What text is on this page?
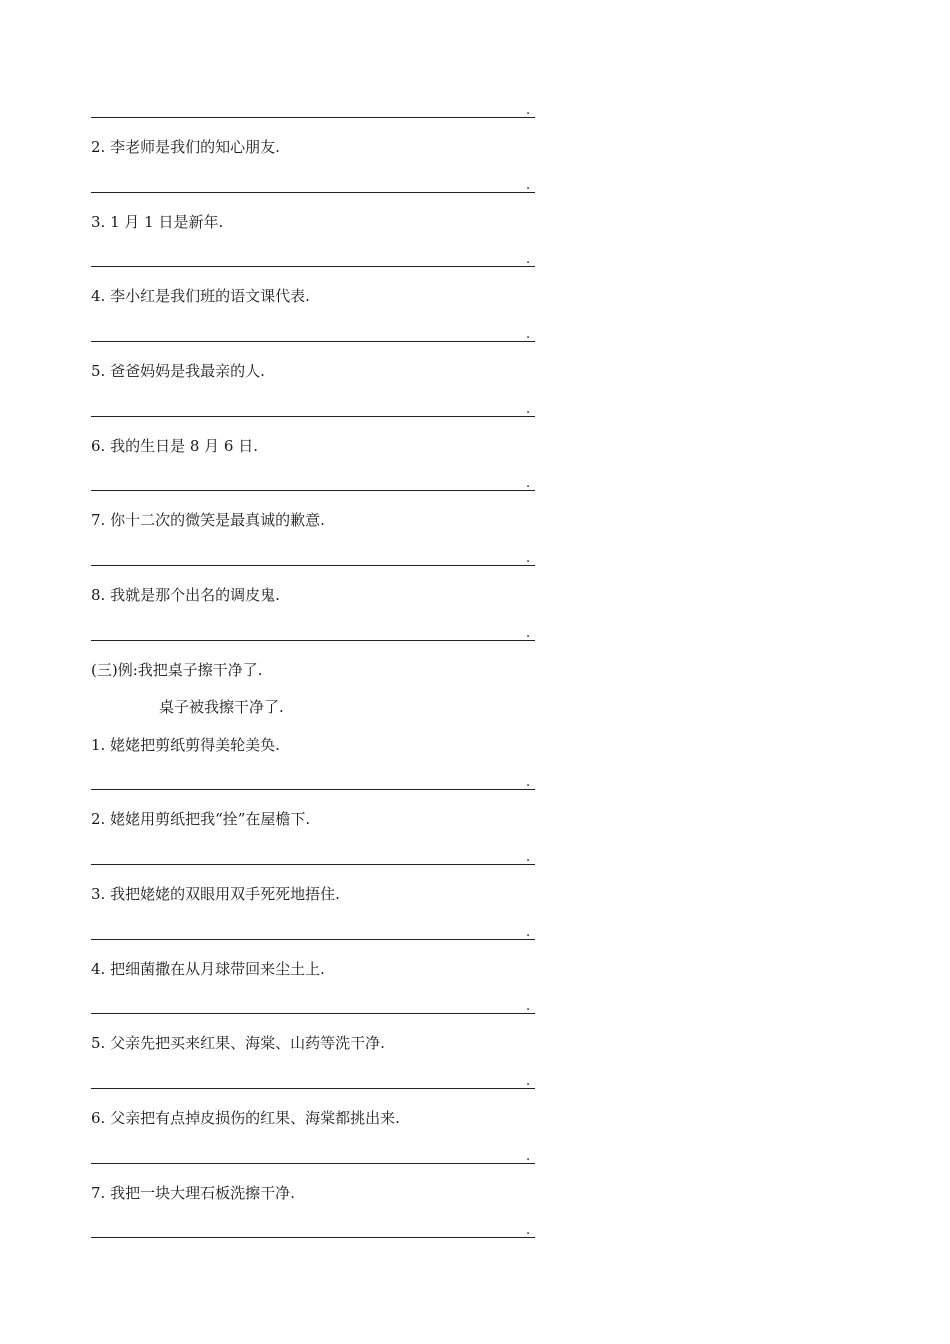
.
2. 李老师是我们的知心朋友.
.
3. 1 月 1 日是新年.
.
4. 李小红是我们班的语文课代表.
.
5. 爸爸妈妈是我最亲的人.
.
6. 我的生日是 8 月 6 日.
.
7. 你十二次的微笑是最真诚的歉意.
.
8. 我就是那个出名的调皮鬼.
.
(三)例:我把桌子擦干净了.
桌子被我擦干净了.
1. 姥姥把剪纸剪得美轮美奂.
.
2. 姥姥用剪纸把我“拴”在屋檐下.
.
3. 我把姥姥的双眼用双手死死地捂住.
.
4. 把细菌撒在从月球带回来尘土上.
.
5. 父亲先把买来红果、海棠、山药等洗干净.
.
6. 父亲把有点掉皮损伤的红果、海棠都挑出来.
.
7. 我把一块大理石板洗擦干净.
.
